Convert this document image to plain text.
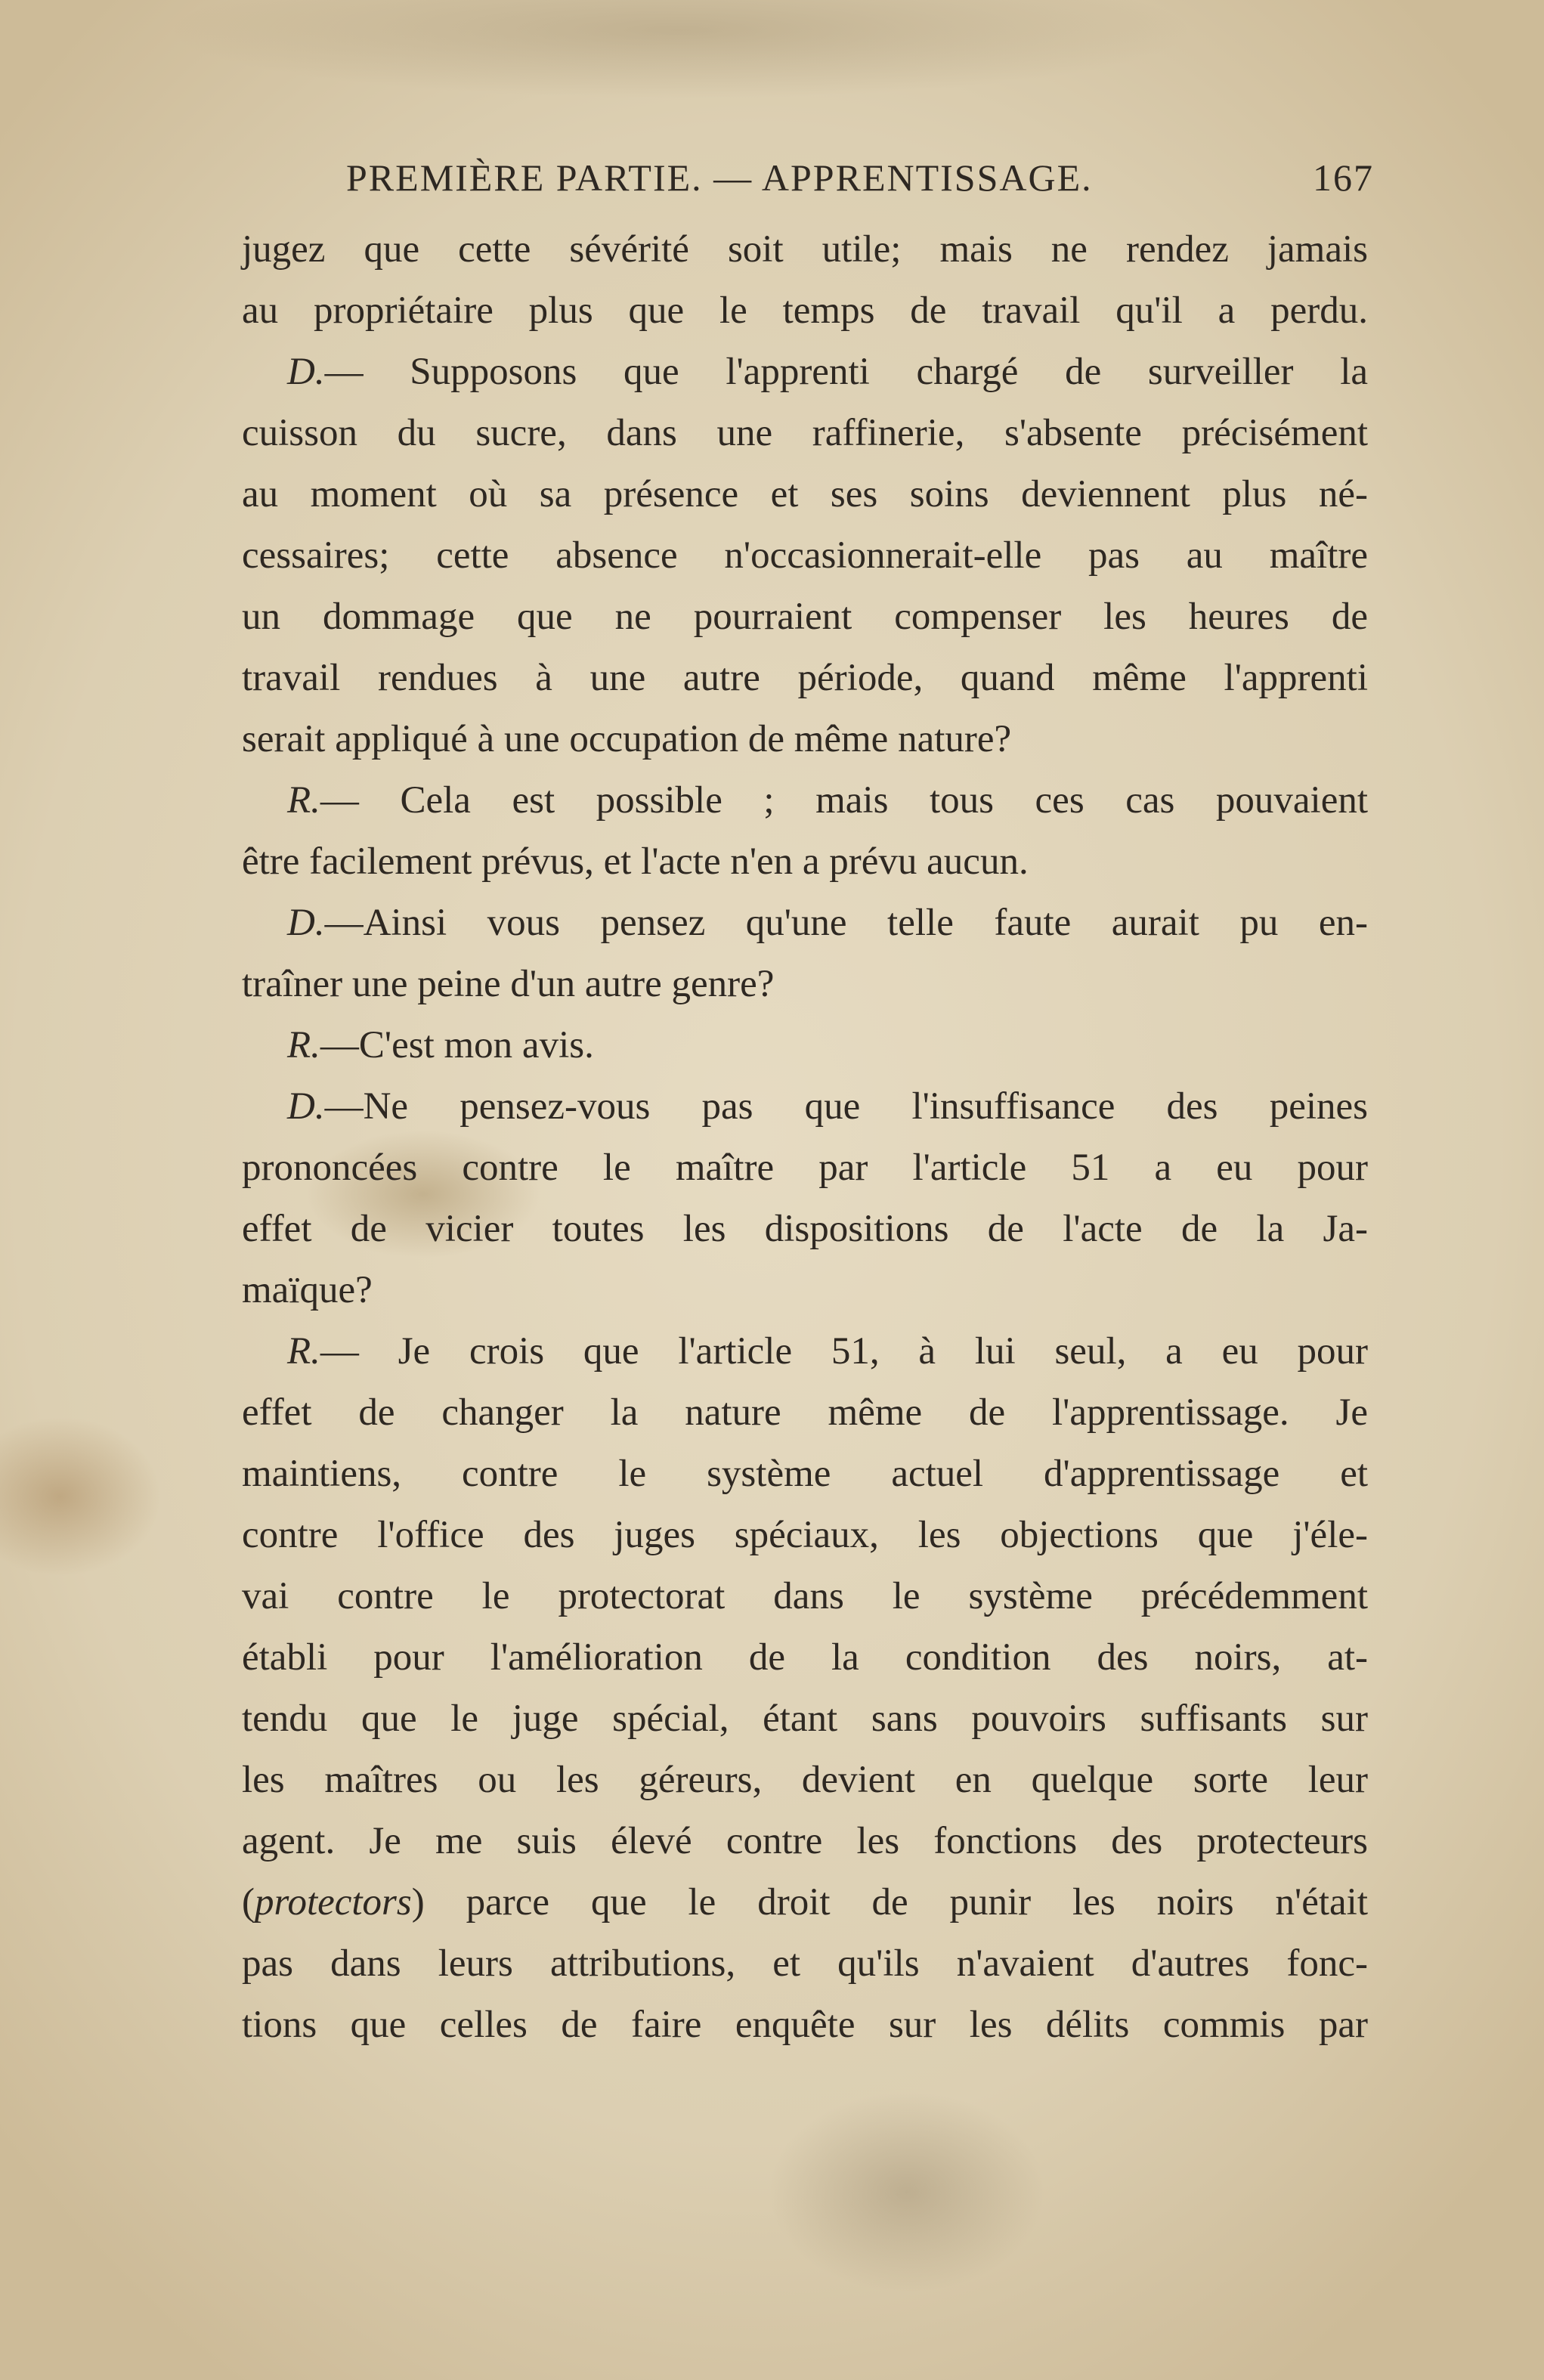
PREMIÈRE PARTIE. — APPRENTISSAGE.	167
jugez que cette sévérité soit utile; mais ne rendez jamais
au propriétaire plus que le temps de travail qu'il a perdu.
D.— Supposons que l'apprenti chargé de surveiller la
cuisson du sucre, dans une raffinerie, s'absente précisément
au moment où sa présence et ses soins deviennent plus né-
cessaires; cette absence n'occasionnerait-elle pas au maître
un dommage que ne pourraient compenser les heures de
travail rendues à une autre période, quand même l'apprenti
serait appliqué à une occupation de même nature?
R.— Cela est possible ; mais tous ces cas pouvaient
être facilement prévus, et l'acte n'en a prévu aucun.
D.—Ainsi vous pensez qu'une telle faute aurait pu en-
traîner une peine d'un autre genre?
R.—C'est mon avis.
D.—Ne pensez-vous pas que l'insuffisance des peines
prononcées contre le maître par l'article 51 a eu pour
effet de vicier toutes les dispositions de l'acte de la Ja-
maïque?
R.— Je crois que l'article 51, à lui seul, a eu pour
effet de changer la nature même de l'apprentissage. Je
maintiens, contre le système actuel d'apprentissage et
contre l'office des juges spéciaux, les objections que j'éle-
vai contre le protectorat dans le système précédemment
établi pour l'amélioration de la condition des noirs, at-
tendu que le juge spécial, étant sans pouvoirs suffisants sur
les maîtres ou les géreurs, devient en quelque sorte leur
agent. Je me suis élevé contre les fonctions des protecteurs
(protectors) parce que le droit de punir les noirs n'était
pas dans leurs attributions, et qu'ils n'avaient d'autres fonc-
tions que celles de faire enquête sur les délits commis par
